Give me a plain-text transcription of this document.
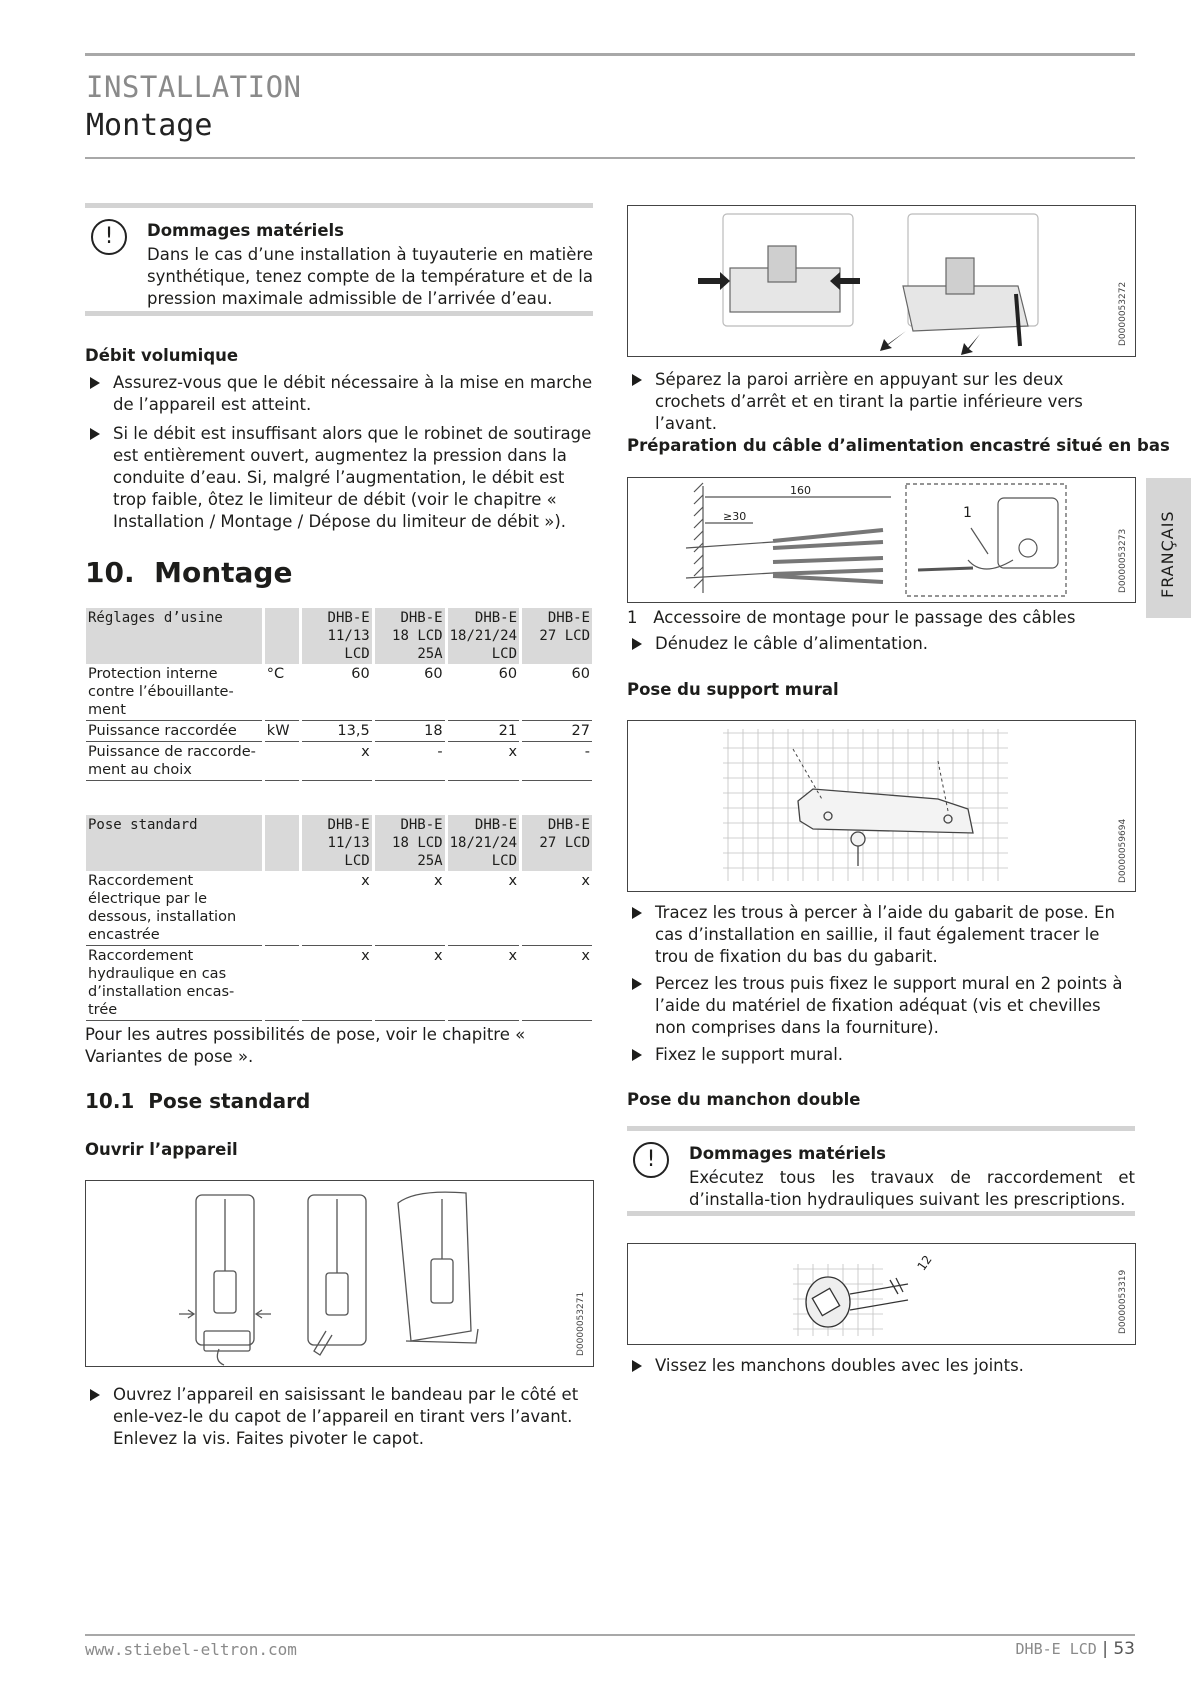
INSTALLATION
Montage
!	Dommages matériels
Dans le cas d’une installation à tuyauterie en matière synthétique, tenez compte de la température et de la pression maximale admissible de l’arrivée d’eau.
Débit volumique
Assurez-vous que le débit nécessaire à la mise en marche de l’appareil est atteint.
Si le débit est insuffisant alors que le robinet de soutirage est entièrement ouvert, augmentez la pression dans la conduite d’eau. Si, malgré l’augmentation, le débit est trop faible, ôtez le limiteur de débit (voir le chapitre « Installation / Montage / Dépose du limiteur de débit »).
10. Montage
Réglages d’usine		DHB-E 11/13 LCD	DHB-E 18 LCD 25A	DHB-E 18/21/24 LCD	DHB-E 27 LCD
Protection interne contre l’ébouillante-ment	°C	60	60	60	60
Puissance raccordée	kW	13,5	18	21	27
Puissance de raccorde-ment au choix		x	-	x	-
Pose standard		DHB-E 11/13 LCD	DHB-E 18 LCD 25A	DHB-E 18/21/24 LCD	DHB-E 27 LCD
Raccordement électrique par le dessous, installation encastrée		x	x	x	x
Raccordement hydraulique en cas d’installation encas-trée		x	x	x	x
Pour les autres possibilités de pose, voir le chapitre « Variantes de pose ».
10.1 Pose standard
Ouvrir l’appareil
D0000053271
Ouvrez l’appareil en saisissant le bandeau par le côté et enle-vez-le du capot de l’appareil en tirant vers l’avant. Enlevez la vis. Faites pivoter le capot.
D0000053272
Séparez la paroi arrière en appuyant sur les deux crochets d’arrêt et en tirant la partie inférieure vers l’avant.
Préparation du câble d’alimentation encastré situé en bas
160
≥30	1
D0000053273
1 Accessoire de montage pour le passage des câbles
Dénudez le câble d’alimentation.
Pose du support mural
D0000059694
Tracez les trous à percer à l’aide du gabarit de pose. En cas d’installation en saillie, il faut également tracer le trou de fixation du bas du gabarit.
Percez les trous puis fixez le support mural en 2 points à l’aide du matériel de fixation adéquat (vis et chevilles non comprises dans la fourniture).
Fixez le support mural.
Pose du manchon double
!	Dommages matériels
Exécutez tous les travaux de raccordement et d’installa-tion hydrauliques suivant les prescriptions.
12
D0000053319
Vissez les manchons doubles avec les joints.
FRANÇAIS
www.stiebel-eltron.com	DHB-E LCD | 53
